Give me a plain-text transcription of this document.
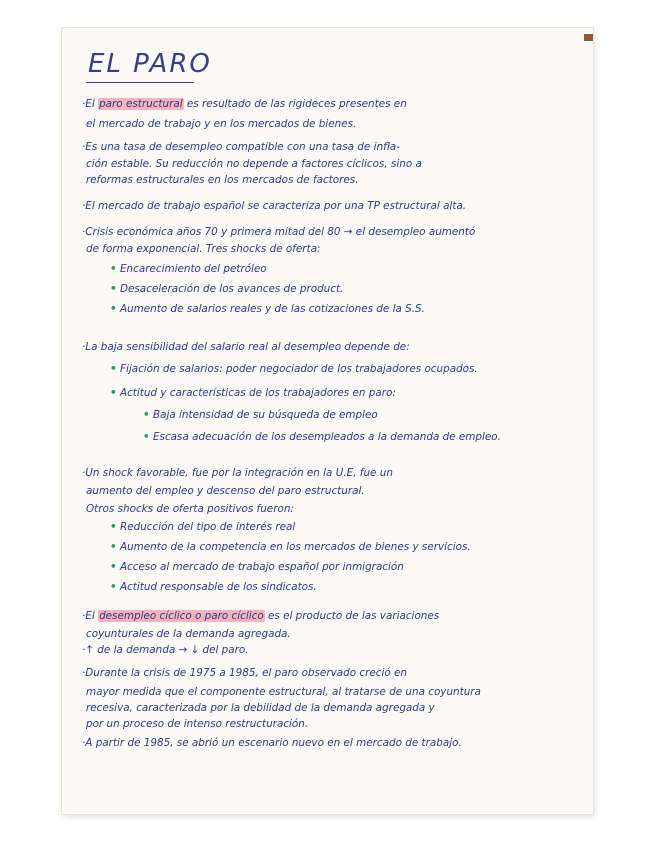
EL PARO
·El paro estructural es resultado de las rigideces presentes en
el mercado de trabajo y en los mercados de bienes.
·Es una tasa de desempleo compatible con una tasa de infla-
ción estable. Su reducción no depende a factores cíclicos, sino a
reformas estructurales en los mercados de factores.
·El mercado de trabajo español se caracteriza por una TP estructural alta.
·Crisis económica años 70 y primera mitad del 80 → el desempleo aumentó
de forma exponencial. Tres shocks de oferta:
• Encarecimiento del petróleo
• Desaceleración de los avances de product.
• Aumento de salarios reales y de las cotizaciones de la S.S.
·La baja sensibilidad del salario real al desempleo depende de:
• Fijación de salarios: poder negociador de los trabajadores ocupados.
• Actitud y características de los trabajadores en paro:
• Baja intensidad de su búsqueda de empleo
• Escasa adecuación de los desempleados a la demanda de empleo.
·Un shock favorable, fue por la integración en la U.E, fue un
aumento del empleo y descenso del paro estructural.
Otros shocks de oferta positivos fueron:
• Reducción del tipo de interés real
• Aumento de la competencia en los mercados de bienes y servicios.
• Acceso al mercado de trabajo español por inmigración
• Actitud responsable de los sindicatos.
·El desempleo cíclico o paro cíclico es el producto de las variaciones
coyunturales de la demanda agregada.
·↑ de la demanda → ↓ del paro.
·Durante la crisis de 1975 a 1985, el paro observado creció en
mayor medida que el componente estructural, al tratarse de una coyuntura
recesiva, caracterizada por la debilidad de la demanda agregada y
por un proceso de intenso restructuración.
·A partir de 1985, se abrió un escenario nuevo en el mercado de trabajo.
